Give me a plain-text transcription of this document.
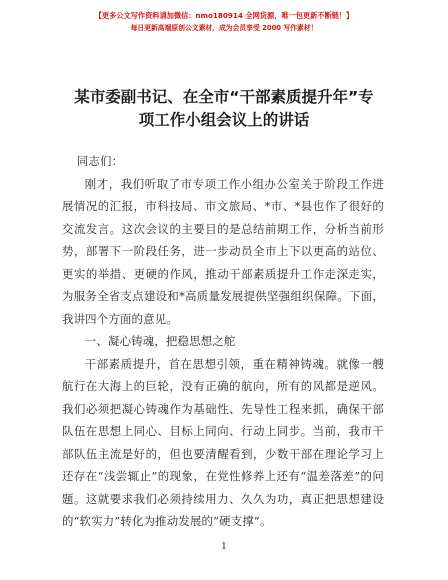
【更多公文写作资料请加微信：nmo180914 全网货源，唯一包更新不断链！】
每日更新高端原创公文素材，成为会员享受 2000 写作素材！
某市委副书记、在全市“干部素质提升年”专
项工作小组会议上的讲话

同志们：

刚才，我们听取了市专项工作小组办公室关于阶段工作进展情况的汇报，市科技局、市文旅局、*市、*县也作了很好的交流发言。这次会议的主要目的是总结前期工作，分析当前形势，部署下一阶段任务，进一步动员全市上下以更高的站位、更实的举措、更硬的作风，推动干部素质提升工作走深走实，为服务全省支点建设和*高质量发展提供坚强组织保障。下面，我讲四个方面的意见。

一、凝心铸魂，把稳思想之舵

干部素质提升，首在思想引领，重在精神铸魂。就像一艘航行在大海上的巨轮，没有正确的航向，所有的风都是逆风。我们必须把凝心铸魂作为基础性、先导性工程来抓，确保干部队伍在思想上同心、目标上同向、行动上同步。当前，我市干部队伍主流是好的，但也要清醒看到，少数干部在理论学习上还存在“浅尝辄止”的现象，在党性修养上还有“温差落差”的问题。这就要求我们必须持续用力、久久为功，真正把思想建设的“软实力”转化为推动发展的“硬支撑”。

1
